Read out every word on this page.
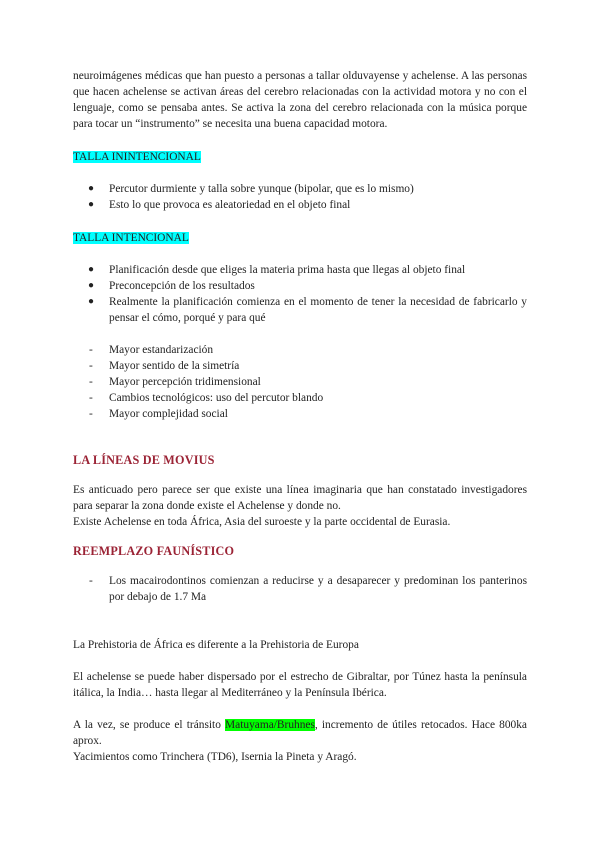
neuroimágenes médicas que han puesto a personas a tallar olduvayense y achelense. A las personas que hacen achelense se activan áreas del cerebro relacionadas con la actividad motora y no con el lenguaje, como se pensaba antes. Se activa la zona del cerebro relacionada con la música porque para tocar un “instrumento” se necesita una buena capacidad motora.

TALLA ININTENCIONAL

● Percutor durmiente y talla sobre yunque (bipolar, que es lo mismo)
● Esto lo que provoca es aleatoriedad en el objeto final

TALLA INTENCIONAL

● Planificación desde que eliges la materia prima hasta que llegas al objeto final
● Preconcepción de los resultados
● Realmente la planificación comienza en el momento de tener la necesidad de fabricarlo y pensar el cómo, porqué y para qué
- Mayor estandarización
- Mayor sentido de la simetría
- Mayor percepción tridimensional
- Cambios tecnológicos: uso del percutor blando
- Mayor complejidad social

LA LÍNEAS DE MOVIUS

Es anticuado pero parece ser que existe una línea imaginaria que han constatado investigadores para separar la zona donde existe el Achelense y donde no.

Existe Achelense en toda África, Asia del suroeste y la parte occidental de Eurasia.

REEMPLAZO FAUNÍSTICO

- Los macairodontinos comienzan a reducirse y a desaparecer y predominan los panterinos por debajo de 1.7 Ma

La Prehistoria de África es diferente a la Prehistoria de Europa

El achelense se puede haber dispersado por el estrecho de Gibraltar, por Túnez hasta la península itálica, la India… hasta llegar al Mediterráneo y la Península Ibérica.

A la vez, se produce el tránsito Matuyama/Bruhnes, incremento de útiles retocados. Hace 800ka aprox.

Yacimientos como Trinchera (TD6), Isernia la Pineta y Aragó.
